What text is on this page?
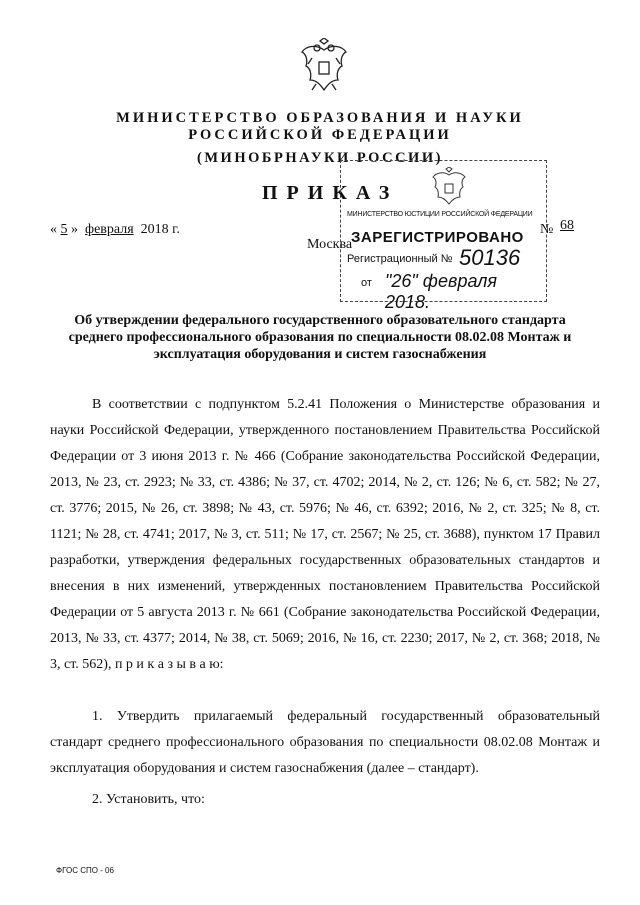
МИНИСТЕРСТВО ОБРАЗОВАНИЯ И НАУКИ
РОССИЙСКОЙ ФЕДЕРАЦИИ
(МИНОБРНАУКИ РОССИИ)
ПРИКАЗ
« 5 »  февраля 2018 г.	№ 68
Москва
МИНИСТЕРСТВО ЮСТИЦИИ РОССИЙСКОЙ ФЕДЕРАЦИИ
ЗАРЕГИСТРИРОВАНО
Регистрационный № 50136
от "26" февраля 2018.
Об утверждении федерального государственного образовательного стандарта среднего профессионального образования по специальности 08.02.08 Монтаж и эксплуатация оборудования и систем газоснабжения
В соответствии с подпунктом 5.2.41 Положения о Министерстве образования и науки Российской Федерации, утвержденного постановлением Правительства Российской Федерации от 3 июня 2013 г. № 466 (Собрание законодательства Российской Федерации, 2013, № 23, ст. 2923; № 33, ст. 4386; № 37, ст. 4702; 2014, № 2, ст. 126; № 6, ст. 582; № 27, ст. 3776; 2015, № 26, ст. 3898; № 43, ст. 5976; № 46, ст. 6392; 2016, № 2, ст. 325; № 8, ст. 1121; № 28, ст. 4741; 2017, № 3, ст. 511; № 17, ст. 2567; № 25, ст. 3688), пунктом 17 Правил разработки, утверждения федеральных государственных образовательных стандартов и внесения в них изменений, утвержденных постановлением Правительства Российской Федерации от 5 августа 2013 г. № 661 (Собрание законодательства Российской Федерации, 2013, № 33, ст. 4377; 2014, № 38, ст. 5069; 2016, № 16, ст. 2230; 2017, № 2, ст. 368; 2018, № 3, ст. 562), п р и к а з ы в а ю:
1. Утвердить прилагаемый федеральный государственный образовательный стандарт среднего профессионального образования по специальности 08.02.08 Монтаж и эксплуатация оборудования и систем газоснабжения (далее – стандарт).
2. Установить, что:
ФГОС СПО - 06
